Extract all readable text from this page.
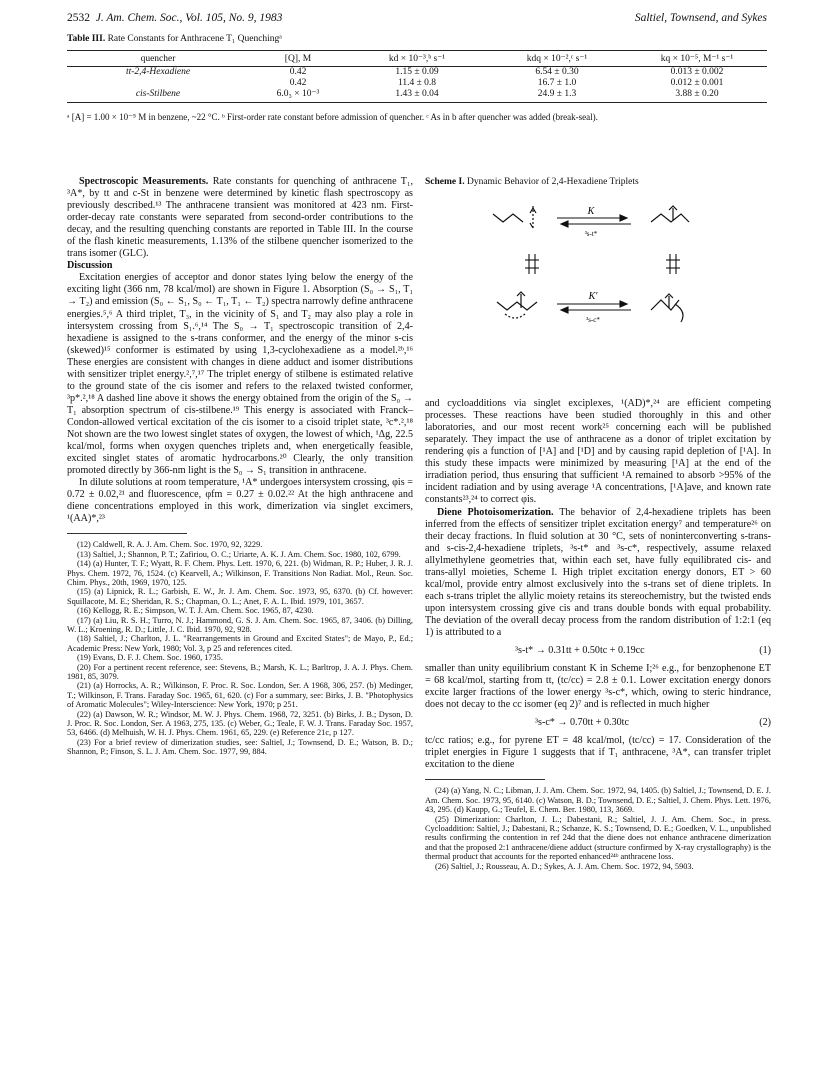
2532 J. Am. Chem. Soc., Vol. 105, No. 9, 1983	Saltiel, Townsend, and Sykes
Table III. Rate Constants for Anthracene T₁ Quenchingᵃ
quencher	[Q], M	kd × 10⁻³,ᵇ s⁻¹	kdq × 10⁻²,ᶜ s⁻¹	kq × 10⁻⁵, M⁻¹ s⁻¹
tt-2,4-Hexadiene	0.42	1.15 ± 0.09	6.54 ± 0.30	0.013 ± 0.002
	0.42	11.4 ± 0.8	16.7 ± 1.0	0.012 ± 0.001
cis-Stilbene	6.0₃ × 10⁻³	1.43 ± 0.04	24.9 ± 1.3	3.88 ± 0.20
ᵃ [A] = 1.00 × 10⁻⁵ M in benzene, ~22 °C. ᵇ First-order rate constant before admission of quencher. ᶜ As in b after quencher was added (break-seal).

Spectroscopic Measurements. Rate constants for quenching of anthracene T₁, ³A*, by tt and c-St in benzene were determined by kinetic flash spectroscopy as previously described.¹³ The anthracene transient was monitored at 423 nm. First-order-decay rate constants were separated from second-order contributions to the decay, and the resulting quenching constants are reported in Table III. In the course of the flash kinetic measurements, 1.13% of the stilbene quencher isomerized to the trans isomer (GLC).

Discussion

Excitation energies of acceptor and donor states lying below the energy of the exciting light (366 nm, 78 kcal/mol) are shown in Figure 1. Absorption (S₀ → S₁, T₁ → T₂) and emission (S₀ ← S₁, S₀ ← T₁, T₁ ← T₂) spectra narrowly define anthracene energies.⁵,⁶ A third triplet, T₃, in the vicinity of S₁ and T₂ may also play a role in intersystem crossing from S₁.⁶,¹⁴ The S₀ → T₁ spectroscopic transition of 2,4-hexadiene is assigned to the s-trans conformer, and the energy of the minor s-cis (skewed)¹⁵ conformer is estimated by using 1,3-cyclohexadiene as a model.²ᵇ,¹⁶ These energies are consistent with changes in diene adduct and isomer distributions with sensitizer triplet energy.²,⁷,¹⁷ The triplet energy of stilbene is estimated relative to the ground state of the cis isomer and refers to the relaxed twisted conformer, ³p*.²,¹⁸ A dashed line above it shows the energy obtained from the origin of the S₀ → T₁ absorption spectrum of cis-stilbene.¹⁹ This energy is associated with Franck–Condon-allowed vertical excitation of the cis isomer to a cisoid triplet state, ³c*.²,¹⁸ Not shown are the two lowest singlet states of oxygen, the lowest of which, ¹Δg, 22.5 kcal/mol, forms when oxygen quenches triplets and, when energetically feasible, excited singlet states of aromatic hydrocarbons.²⁰ Clearly, the only transition promoted directly by 366-nm light is the S₀ → S₁ transition in anthracene.

In dilute solutions at room temperature, ¹A* undergoes intersystem crossing, φis = 0.72 ± 0.02,²¹ and fluorescence, φfm = 0.27 ± 0.02.²² At the high anthracene and diene concentrations employed in this work, dimerization via singlet excimers, ¹(AA)*,²³

(12) Caldwell, R. A. J. Am. Chem. Soc. 1970, 92, 3229.

(13) Saltiel, J.; Shannon, P. T.; Zafiriou, O. C.; Uriarte, A. K. J. Am. Chem. Soc. 1980, 102, 6799.

(14) (a) Hunter, T. F.; Wyatt, R. F. Chem. Phys. Lett. 1970, 6, 221. (b) Widman, R. P.; Huber, J. R. J. Phys. Chem. 1972, 76, 1524. (c) Kearvell, A.; Wilkinson, F. Transitions Non Radiat. Mol., Reun. Soc. Chim. Phys., 20th, 1969, 1970, 125.

(15) (a) Lipnick, R. L.; Garbish, E. W., Jr. J. Am. Chem. Soc. 1973, 95, 6370. (b) Cf. however: Squillacote, M. E.; Sheridan, R. S.; Chapman, O. L.; Anet, F. A. L. Ibid. 1979, 101, 3657.

(16) Kellogg, R. E.; Simpson, W. T. J. Am. Chem. Soc. 1965, 87, 4230.

(17) (a) Liu, R. S. H.; Turro, N. J.; Hammond, G. S. J. Am. Chem. Soc. 1965, 87, 3406. (b) Dilling, W. L.; Kroening, R. D.; Little, J. C. Ibid. 1970, 92, 928.

(18) Saltiel, J.; Charlton, J. L. "Rearrangements in Ground and Excited States"; de Mayo, P., Ed.; Academic Press: New York, 1980; Vol. 3, p 25 and references cited.

(19) Evans, D. F. J. Chem. Soc. 1960, 1735.

(20) For a pertinent recent reference, see: Stevens, B.; Marsh, K. L.; Barltrop, J. A. J. Phys. Chem. 1981, 85, 3079.

(21) (a) Horrocks, A. R.; Wilkinson, F. Proc. R. Soc. London, Ser. A 1968, 306, 257. (b) Medinger, T.; Wilkinson, F. Trans. Faraday Soc. 1965, 61, 620. (c) For a summary, see: Birks, J. B. "Photophysics of Aromatic Molecules"; Wiley-Interscience: New York, 1970; p 251.

(22) (a) Dawson, W. R.; Windsor, M. W. J. Phys. Chem. 1968, 72, 3251. (b) Birks, J. B.; Dyson, D. J. Proc. R. Soc. London, Ser. A 1963, 275, 135. (c) Weber, G.; Teale, F. W. J. Trans. Faraday Soc. 1957, 53, 6466. (d) Melhuish, W. H. J. Phys. Chem. 1961, 65, 229. (e) Reference 21c, p 127.

(23) For a brief review of dimerization studies, see: Saltiel, J.; Townsend, D. E.; Watson, B. D.; Shannon, P.; Finson, S. L. J. Am. Chem. Soc. 1977, 99, 884.

Scheme I. Dynamic Behavior of 2,4-Hexadiene Triplets
K
³s-t*
K′
³s-c*

and cycloadditions via singlet exciplexes, ¹(AD)*,²⁴ are efficient competing processes. These reactions have been studied thoroughly in this and other laboratories, and our most recent work²⁵ concerning each will be published separately. They impact the use of anthracene as a donor of triplet excitation by rendering φis a function of [¹A] and [¹D] and by causing rapid depletion of [¹A]. In this study these impacts were minimized by measuring [¹A] at the end of the irradiation period, thus ensuring that sufficient ¹A remained to absorb >95% of the incident radiation and by using average ¹A concentrations, [¹A]ave, and known rate constants²³,²⁴ to correct φis.

Diene Photoisomerization. The behavior of 2,4-hexadiene triplets has been inferred from the effects of sensitizer triplet excitation energy⁷ and temperature²⁶ on their decay fractions. In fluid solution at 30 °C, sets of noninterconverting s-trans- and s-cis-2,4-hexadiene triplets, ³s-t* and ³s-c*, respectively, assume relaxed allylmethylene geometries that, within each set, have fully equilibrated cis- and trans-allyl moieties, Scheme I. High triplet excitation energy donors, ET > 60 kcal/mol, provide entry almost exclusively into the s-trans set of diene triplets. In each s-trans triplet the allylic moiety retains its stereochemistry, but the twisted ends upon intersystem crossing give cis and trans double bonds with equal probability. The deviation of the overall decay process from the random distribution of 1:2:1 (eq 1) is attributed to a

³s-t* → 0.31tt + 0.50tc + 0.19cc	(1)

smaller than unity equilibrium constant K in Scheme I;²⁶ e.g., for benzophenone ET = 68 kcal/mol, starting from tt, (tc/cc) = 2.8 ± 0.1. Lower excitation energy donors excite larger fractions of the lower energy ³s-c*, which, owing to steric hindrance, does not decay to the cc isomer (eq 2)⁷ and is reflected in much higher

³s-c* → 0.70tt + 0.30tc	(2)

tc/cc ratios; e.g., for pyrene ET = 48 kcal/mol, (tc/cc) = 17. Consideration of the triplet energies in Figure 1 suggests that if T₁ anthracene, ³A*, can transfer triplet excitation to the diene

(24) (a) Yang, N. C.; Libman, J. J. Am. Chem. Soc. 1972, 94, 1405. (b) Saltiel, J.; Townsend, D. E. J. Am. Chem. Soc. 1973, 95, 6140. (c) Watson, B. D.; Townsend, D. E.; Saltiel, J. Chem. Phys. Lett. 1976, 43, 295. (d) Kaupp, G.; Teufel, E. Chem. Ber. 1980, 113, 3669.

(25) Dimerization: Charlton, J. L.; Dabestani, R.; Saltiel, J. J. Am. Chem. Soc., in press. Cycloaddition: Saltiel, J.; Dabestani, R.; Schanze, K. S.; Townsend, D. E.; Goedken, V. L., unpublished results confirming the contention in ref 24d that the diene does not enhance anthracene dimerization and that the proposed 2:1 anthracene/diene adduct (structure confirmed by X-ray crystallography) is the thermal product that accounts for the reported enhanced²⁴ᵇ anthracene loss.

(26) Saltiel, J.; Rousseau, A. D.; Sykes, A. J. Am. Chem. Soc. 1972, 94, 5903.
